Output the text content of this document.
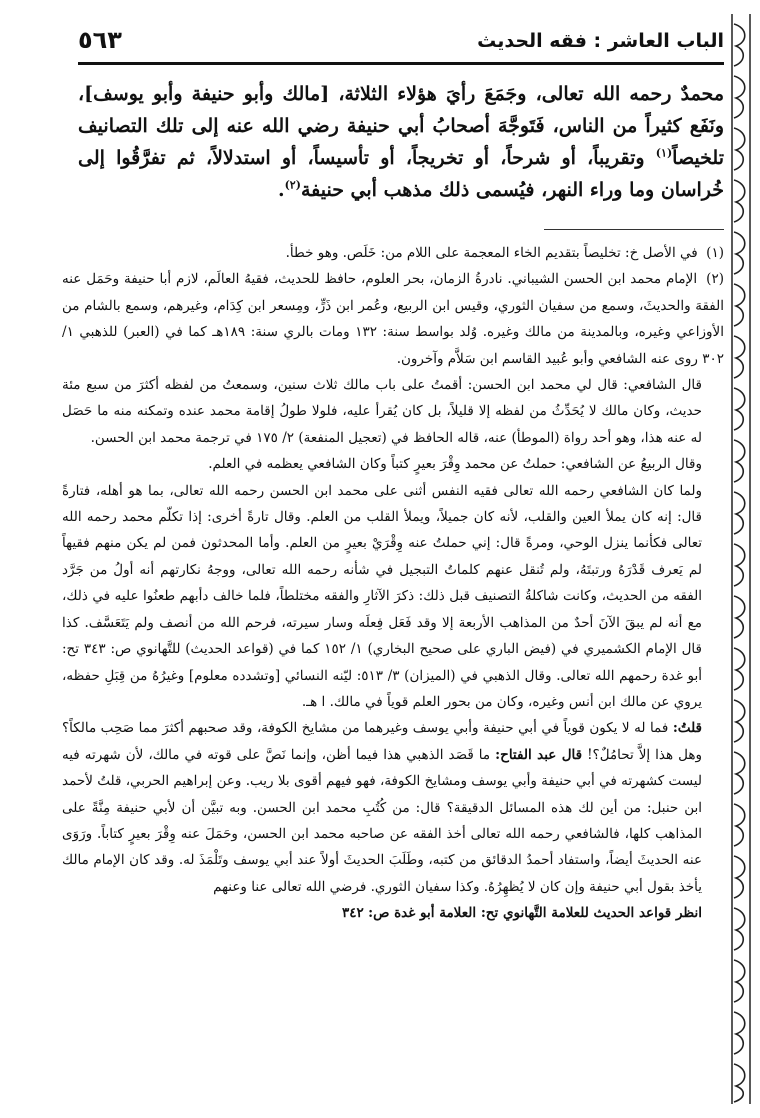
الباب العاشر : فقه الحديث
٥٦٣

محمدٌ رحمه الله تعالى، وجَمَعَ رأيَ هؤلاء الثلاثة، [مالك وأبو حنيفة وأبو يوسف]، ونَفَع كثيراً من الناس، فَتَوجَّهَ أصحابُ أبي حنيفة رضي الله عنه إلى تلك التصانيف تلخيصاً$^{(١)}$ وتقريباً، أو شرحاً، أو تخريجاً، أو تأسيساً، أو استدلالاً، ثم تفرَّقُوا إلى خُراسان وما وراء النهر، فيُسمى ذلك مذهب أبي حنيفة$^{(٢)}$.

(١) في الأصل خ: تخليصاً بتقديم الخاء المعجمة على اللام من: خَلَص. وهو خطأ.

(٢) الإمام محمد ابن الحسن الشيباني. نادرةُ الزمان، بحر العلوم، حافظ للحديث، فقيهُ العالَم، لازم أبا حنيفة وحَمَل عنه الفقهَ والحديثَ، وسمع من سفيان الثوري، وقيس ابن الربيع، وعُمر ابن ذَرٍّ، ومِسعر ابن كِدَام، وغيرهم، وسمع بالشام من الأوزاعي وغيره، وبالمدينة من مالك وغيره. وُلد بواسط سنة: ١٣٢ ومات بالري سنة: ١٨٩هـ كما في (العبر) للذهبي ١/ ٣٠٢ روى عنه الشافعي وأبو عُبيد القاسم ابن سَلاَّم وآخرون.

قال الشافعي: قال لي محمد ابن الحسن: أقمتُ على باب مالك ثلاث سنين، وسمعتُ من لفظه أكثرَ من سبع مئة حديث، وكان مالك لا يُحَدِّثُ من لفظه إلا قليلاً، بل كان يُقرأ عليه، فلولا طولُ إقامة محمد عنده وتمكنه منه ما حَصَل له عنه هذا، وهو أحد رواة (الموطأ) عنه، قاله الحافظ في (تعجيل المنفعة) ٢/ ١٧٥ في ترجمة محمد ابن الحسن.

وقال الربيعُ عن الشافعي: حملتُ عن محمد وِقْرَ بعيرٍ كتباً وكان الشافعي يعظمه في العلم.

ولما كان الشافعي رحمه الله تعالى فقيه النفس أثنى على محمد ابن الحسن رحمه الله تعالى، بما هو أهله، فتارةً قال: إنه كان يملأ العين والقلب، لأنه كان جميلاً، ويملأ القلب من العلم. وقال تارةً أخرى: إذا تكلّم محمد رحمه الله تعالى فكأنما ينزل الوحي، ومرةً قال: إني حملتُ عنه وِقْرَيْ بعيرٍ من العلم. وأما المحدثون فمن لم يكن منهم فقيهاً لم يَعرف قَدْرَهُ ورتبتَهُ، ولم تُنقل عنهم كلماتُ التبجيل في شأنه رحمه الله تعالى، ووجهُ نكارتهم أنه أولُ من جَرَّد الفقه من الحديث، وكانت شاكلةُ التصنيف قبل ذلك: ذكرَ الآثارِ والفقه مختلطاً، فلما خالف دأبهم طعنُوا عليه في ذلك، مع أنه لم يبقَ الآنَ أحدٌ من المذاهب الأربعة إلا وقد فَعَل فِعلَه وسار سيرته، فرحم الله من أنصف ولم يَتَعَسَّف. كذا قال الإمام الكشميري في (فيض الباري على صحيح البخاري) ١/ ١٥٢ كما في (قواعد الحديث) للتَّهانوي ص: ٣٤٣ تح: أبو غدة رحمهم الله تعالى. وقال الذهبي في (الميزان) ٣/ ٥١٣: ليّنه النسائي [وتشدده معلوم] وغيرُهُ من قِبَلِ حفظه، يروي عن مالك ابن أنس وغيره، وكان من بحور العلم قوياً في مالك. ا هـ.

قلتُ: فما له لا يكون قوياً في أبي حنيفة وأبي يوسف وغيرهما من مشايخ الكوفة، وقد صحبهم أكثرَ مما صَحِب مالكاً؟ وهل هذا إلاَّ تحامُلٌ؟! قال عبد الفتاح: ما قَصَد الذهبي هذا فيما أظن، وإنما نَصَّ على قوته في مالك، لأن شهرته فيه ليست كشهرته في أبي حنيفة وأبي يوسف ومشايخ الكوفة، فهو فيهم أقوى بلا ريب. وعن إبراهيم الحربي، قلتُ لأحمد ابن حنبل: من أين لك هذه المسائل الدقيقة؟ قال: من كُتُبِ محمد ابن الحسن. وبه تبيَّن أن لأبي حنيفة مِنَّةً على المذاهب كلها، فالشافعي رحمه الله تعالى أخذ الفقه عن صاحبه محمد ابن الحسن، وحَمَلَ عنه وِقْرَ بعيرٍ كتاباً. ورَوَى عنه الحديثَ أيضاً، واستفاد أحمدُ الدقائق من كتبه، وطَلَبَ الحديثَ أولاً عند أبي يوسف وتَلْمَذَ له. وقد كان الإمام مالك يأخذ بقول أبي حنيفة وإن كان لا يُظهِرُهُ. وكذا سفيان الثوري. فرضي الله تعالى عنا وعنهم

انظر قواعد الحديث للعلامة التَّهانوي تح: العلامة أبو غدة ص: ٣٤٢
